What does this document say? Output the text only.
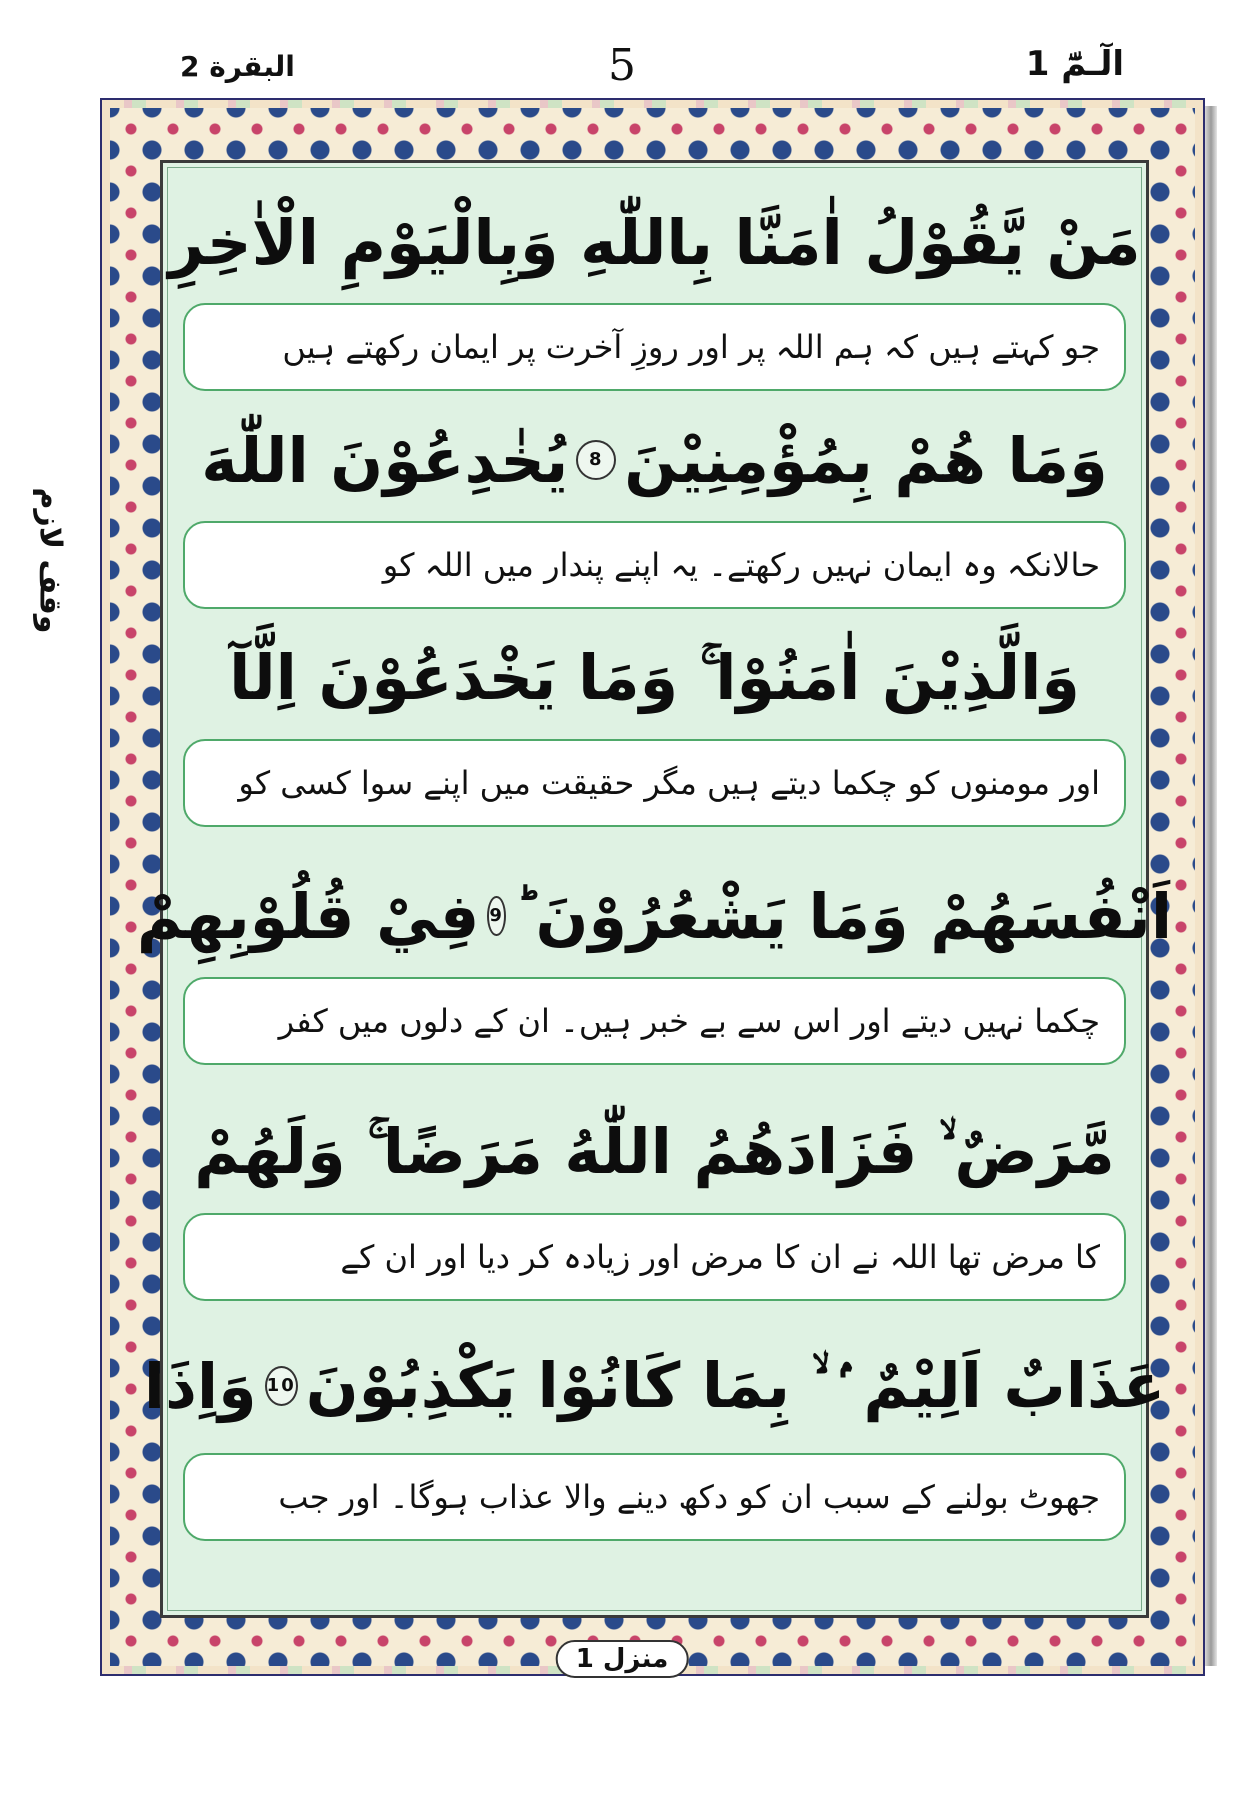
البقرة 2	5	الٓـمّٓ 1
وقف لازم
مَنْ يَّقُوْلُ اٰمَنَّا بِاللّٰهِ وَبِالْيَوْمِ الْاٰخِرِ
جو کہتے ہیں کہ ہم اللہ پر اور روزِ آخرت پر ایمان رکھتے ہیں
وَمَا هُمْ بِمُؤْمِنِيْنَ
8
يُخٰدِعُوْنَ اللّٰهَ
حالانکہ وہ ایمان نہیں رکھتے۔ یہ اپنے پندار میں اللہ کو
وَالَّذِيْنَ اٰمَنُوْا ۚ وَمَا يَخْدَعُوْنَ اِلَّآ
اور مومنوں کو چکما دیتے ہیں مگر حقیقت میں اپنے سوا کسی کو
اَنْفُسَهُمْ وَمَا يَشْعُرُوْنَ ؕ
9
فِيْ قُلُوْبِهِمْ
چکما نہیں دیتے اور اس سے بے خبر ہیں۔ ان کے دلوں میں کفر
مَّرَضٌ ۙ فَزَادَهُمُ اللّٰهُ مَرَضًا ۚ وَلَهُمْ
کا مرض تھا اللہ نے ان کا مرض اور زیادہ کر دیا اور ان کے
عَذَابٌ اَلِيْمٌ ۢ ۙ بِمَا كَانُوْا يَكْذِبُوْنَ
10
وَاِذَا
جھوٹ بولنے کے سبب ان کو دکھ دینے والا عذاب ہوگا۔ اور جب
منزل 1
